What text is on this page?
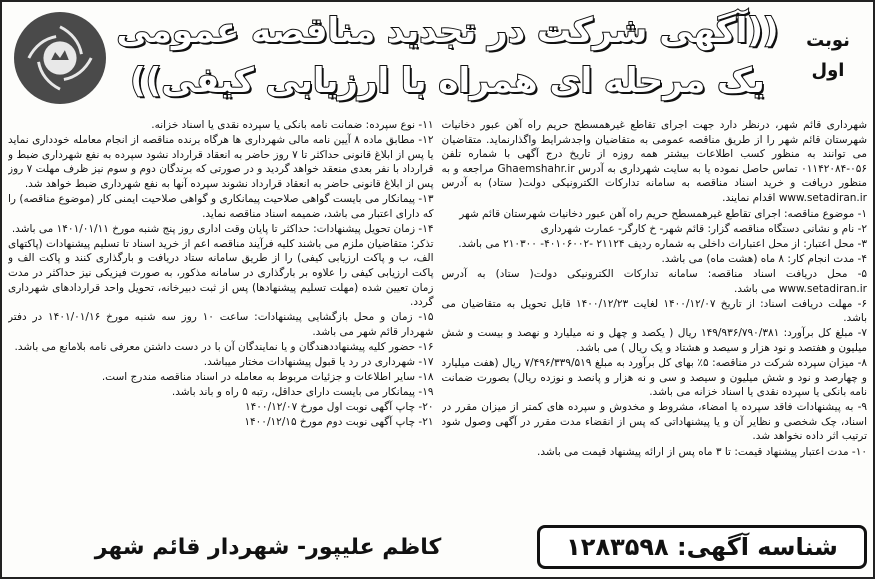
نوبت
اول
((آگهی شرکت در تجدید مناقصه عمومی
یک مرحله ای همراه با ارزیابی کیفی))

شهرداری قائم شهر، درنظر دارد جهت اجرای تقاطع غیرهمسطح حریم راه آهن عبور دخانیات شهرستان قائم شهر را از طریق مناقصه عمومی به متقاضیان واجدشرایط واگذارنماید. متقاضیان می توانند به منظور کسب اطلاعات بیشتر همه روزه از تاریخ درج آگهی با شماره تلفن ۰۵۶-۰۱۱۴۲۰۸۴ تماس حاصل نموده یا به سایت شهرداری به آدرس Ghaemshahr.ir مراجعه و به منظور دریافت و خرید اسناد مناقصه به سامانه تدارکات الکترونیکی دولت( ستاد) به آدرس www.setadiran.ir اقدام نمایند.

۱- موضوع مناقصه: اجرای تقاطع غیرهمسطح حریم راه آهن عبور دخانیات شهرستان قائم شهر

۲- نام و نشانی دستگاه مناقصه گزار: قائم شهر- خ کارگر- عمارت شهرداری

۳- محل اعتبار: از محل اعتبارات داخلی به شماره ردیف ۲۱۱۲۴ -۴۰۱۰۶۰۰۲- ۲۱۰۳۰۰ می باشد.

۴- مدت انجام کار: ۸ ماه (هشت ماه) می باشد.

۵- محل دریافت اسناد مناقصه: سامانه تدارکات الکترونیکی دولت( ستاد) به آدرس www.setadiran.ir می باشد.

۶- مهلت دریافت اسناد: از تاریخ ۱۴۰۰/۱۲/۰۷ لغایت ۱۴۰۰/۱۲/۲۳ قابل تحویل به متقاضیان می باشد.

۷- مبلغ کل برآورد: ۱۴۹/۹۳۶/۷۹۰/۳۸۱ ریال ( یکصد و چهل و نه میلیارد و نهصد و بیست و شش میلیون و هفتصد و نود هزار و سیصد و هشتاد و یک ریال ) می باشد.

۸- میزان سپرده شرکت در مناقصه: ۵٪ بهای کل برآورد به مبلغ ۷/۴۹۶/۳۳۹/۵۱۹ ریال (هفت میلیارد و چهارصد و نود و شش میلیون و سیصد و سی و نه هزار و پانصد و نوزده ریال) بصورت ضمانت نامه بانکی یا سپرده نقدی یا اسناد خزانه می باشد.

۹- به پیشنهادات فاقد سپرده یا امضاء، مشروط و مخدوش و سپرده های کمتر از میزان مقرر در اسناد، چک شخصی و نظایر آن و یا پیشنهاداتی که پس از انقضاء مدت مقرر در آگهی وصول شود ترتیب اثر داده نخواهد شد.

۱۰- مدت اعتبار پیشنهاد قیمت: تا ۳ ماه پس از ارائه پیشنهاد قیمت می باشد.

۱۱- نوع سپرده: ضمانت نامه بانکی یا سپرده نقدی یا اسناد خزانه.

۱۲- مطابق ماده ۸ آیین نامه مالی شهرداری ها هرگاه برنده مناقصه از انجام معامله خودداری نماید یا پس از ابلاغ قانونی حداکثر تا ۷ روز حاضر به انعقاد قرارداد نشود سپرده به نفع شهرداری ضبط و قرارداد با نفر بعدی منعقد خواهد گردید و در صورتی که برندگان دوم و سوم نیز ظرف مهلت ۷ روز پس از ابلاغ قانونی حاضر به انعقاد قرارداد نشوند سپرده آنها به نفع شهرداری ضبط خواهد شد.

۱۳- پیمانکار می بایست گواهی صلاحیت پیمانکاری و گواهی صلاحیت ایمنی کار (موضوع مناقصه) را که دارای اعتبار می باشد، ضمیمه اسناد مناقصه نماید.

۱۴- زمان تحویل پیشنهادات: حداکثر تا پایان وقت اداری روز پنج شنبه مورخ ۱۴۰۱/۰۱/۱۱ می باشد.

تذکر: متقاضیان ملزم می باشند کلیه فرآیند مناقصه اعم از خرید اسناد تا تسلیم پیشنهادات (پاکتهای الف، ب و پاکت ارزیابی کیفی) را از طریق سامانه ستاد دریافت و بارگذاری کنند و پاکت الف و پاکت ارزیابی کیفی را علاوه بر بارگذاری در سامانه مذکور، به صورت فیزیکی نیز حداکثر در مدت زمان تعیین شده (مهلت تسلیم پیشنهادها) پس از ثبت دبیرخانه، تحویل واحد قراردادهای شهرداری گردد.

۱۵- زمان و محل بازگشایی پیشنهادات: ساعت ۱۰ روز سه شنبه مورخ ۱۴۰۱/۰۱/۱۶ در دفتر شهردار قائم شهر می باشد.

۱۶- حضور کلیه پیشنهاددهندگان و یا نمایندگان آن با در دست داشتن معرفی نامه بلامانع می باشد.

۱۷- شهرداری در رد یا قبول پیشنهادات مختار میباشد.

۱۸- سایر اطلاعات و جزئیات مربوط به معامله در اسناد مناقصه مندرج است.

۱۹- پیمانکار می بایست دارای حداقل، رتبه ۵ راه و باند باشد.

۲۰- چاپ آگهی نوبت اول مورخ ۱۴۰۰/۱۲/۰۷

۲۱- چاپ آگهی نوبت دوم مورخ ۱۴۰۰/۱۲/۱۵

شناسه آگهی: ۱۲۸۳۵۹۸
کاظم علیپور- شهردار قائم شهر
